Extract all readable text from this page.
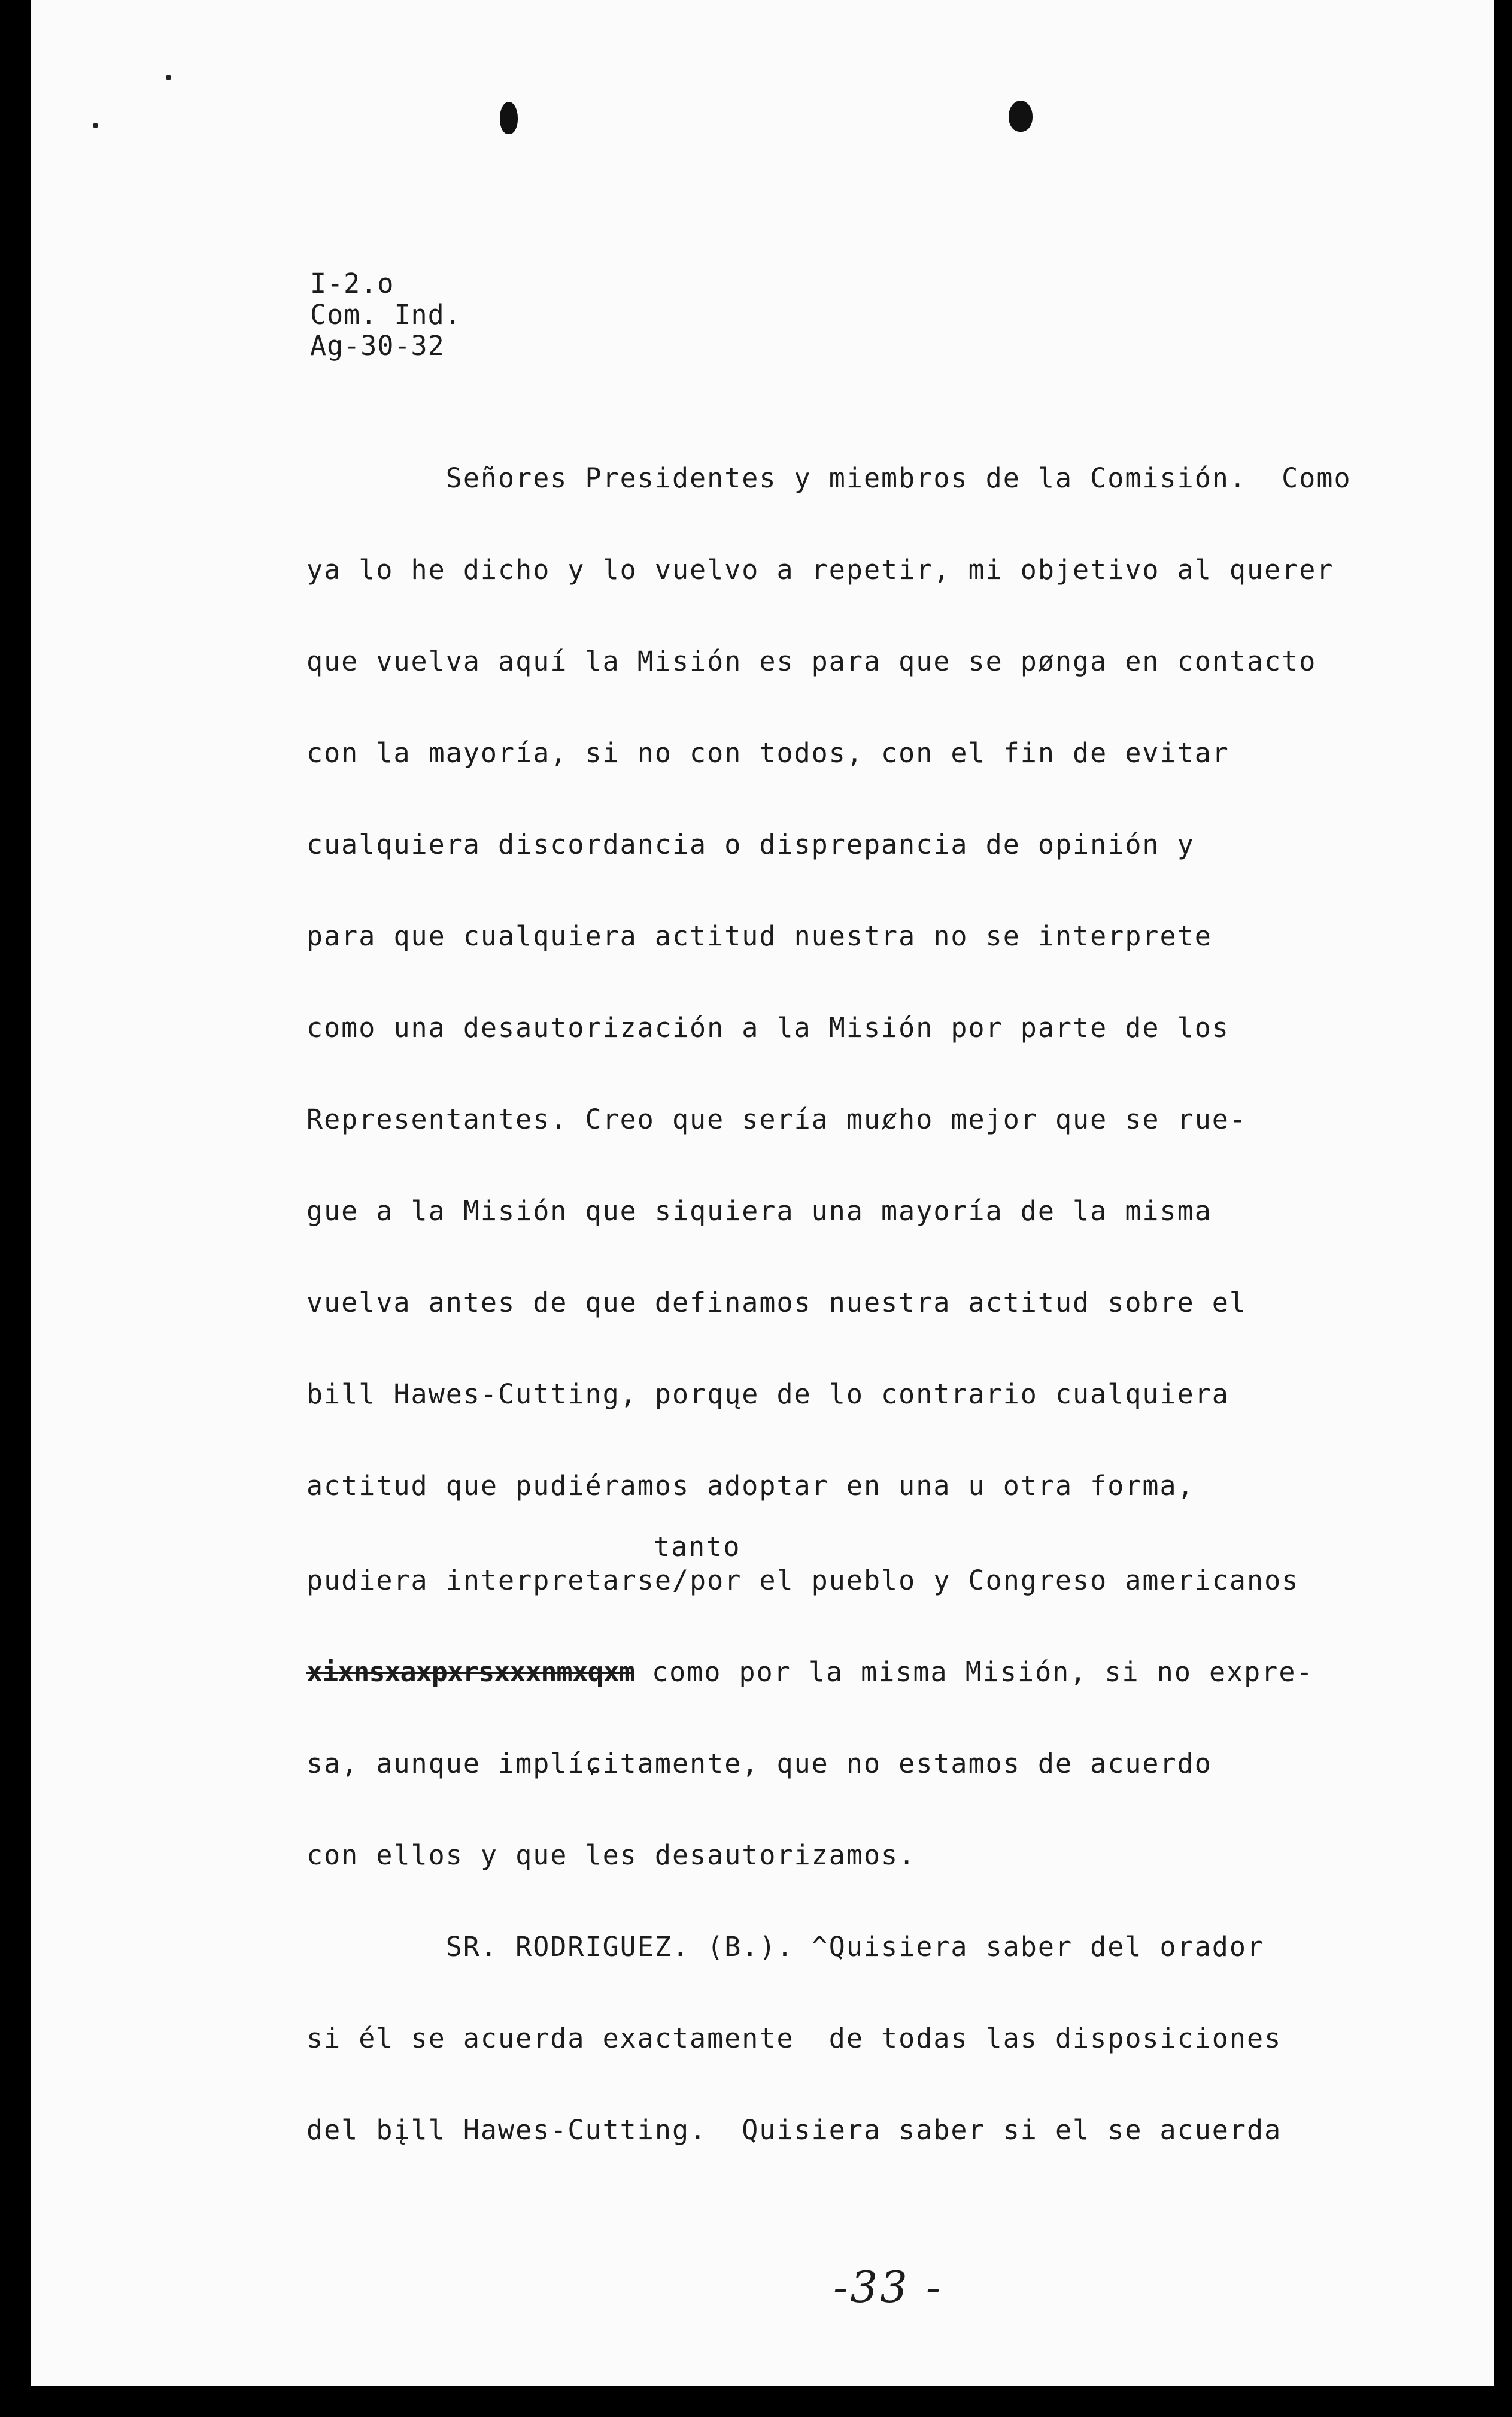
I-2.o
Com. Ind.
Ag-30-32
Señores Presidentes y miembros de la Comisión.  Como
ya lo he dicho y lo vuelvo a repetir, mi objetivo al querer
que vuelva aquí la Misión es para que se pønga en contacto
con la mayoría, si no con todos, con el fin de evitar
cualquiera discordancia o disprepancia de opinión y
para que cualquiera actitud nuestra no se interprete
como una desautorización a la Misión por parte de los
Representantes. Creo que sería muȼho mejor que se rue-
gue a la Misión que siquiera una mayoría de la misma
vuelva antes de que definamos nuestra actitud sobre el
bill Hawes-Cutting, porqųe de lo contrario cualquiera
actitud que pudiéramos adoptar en una u otra forma,
tanto
pudiera interpretarse/por el pueblo y Congreso americanos
xixnsxaxpxrsxxxnmxqxm como por la misma Misión, si no expre-
sa, aunque implíɕitamente, que no estamos de acuerdo
con ellos y que les desautorizamos.
SR. RODRIGUEZ. (B.). ^Quisiera saber del orador
si él se acuerda exactamente  de todas las disposiciones
del bįll Hawes-Cutting.  Quisiera saber si el se acuerda
-33 -
